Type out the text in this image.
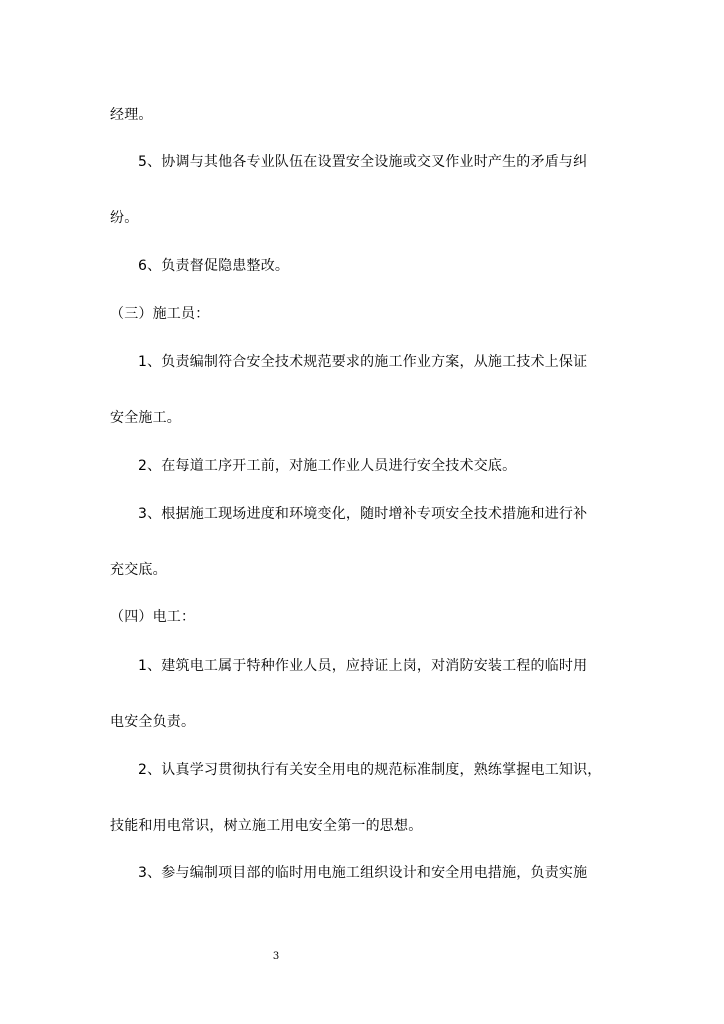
经理。
5、协调与其他各专业队伍在设置安全设施或交叉作业时产生的矛盾与纠
纷。
6、负责督促隐患整改。
（三）施工员：
1、负责编制符合安全技术规范要求的施工作业方案，从施工技术上保证
安全施工。
2、在每道工序开工前，对施工作业人员进行安全技术交底。
3、根据施工现场进度和环境变化，随时增补专项安全技术措施和进行补
充交底。
（四）电工：
1、建筑电工属于特种作业人员，应持证上岗，对消防安装工程的临时用
电安全负责。
2、认真学习贯彻执行有关安全用电的规范标准制度，熟练掌握电工知识，
技能和用电常识，树立施工用电安全第一的思想。
3、参与编制项目部的临时用电施工组织设计和安全用电措施，负责实施
3
